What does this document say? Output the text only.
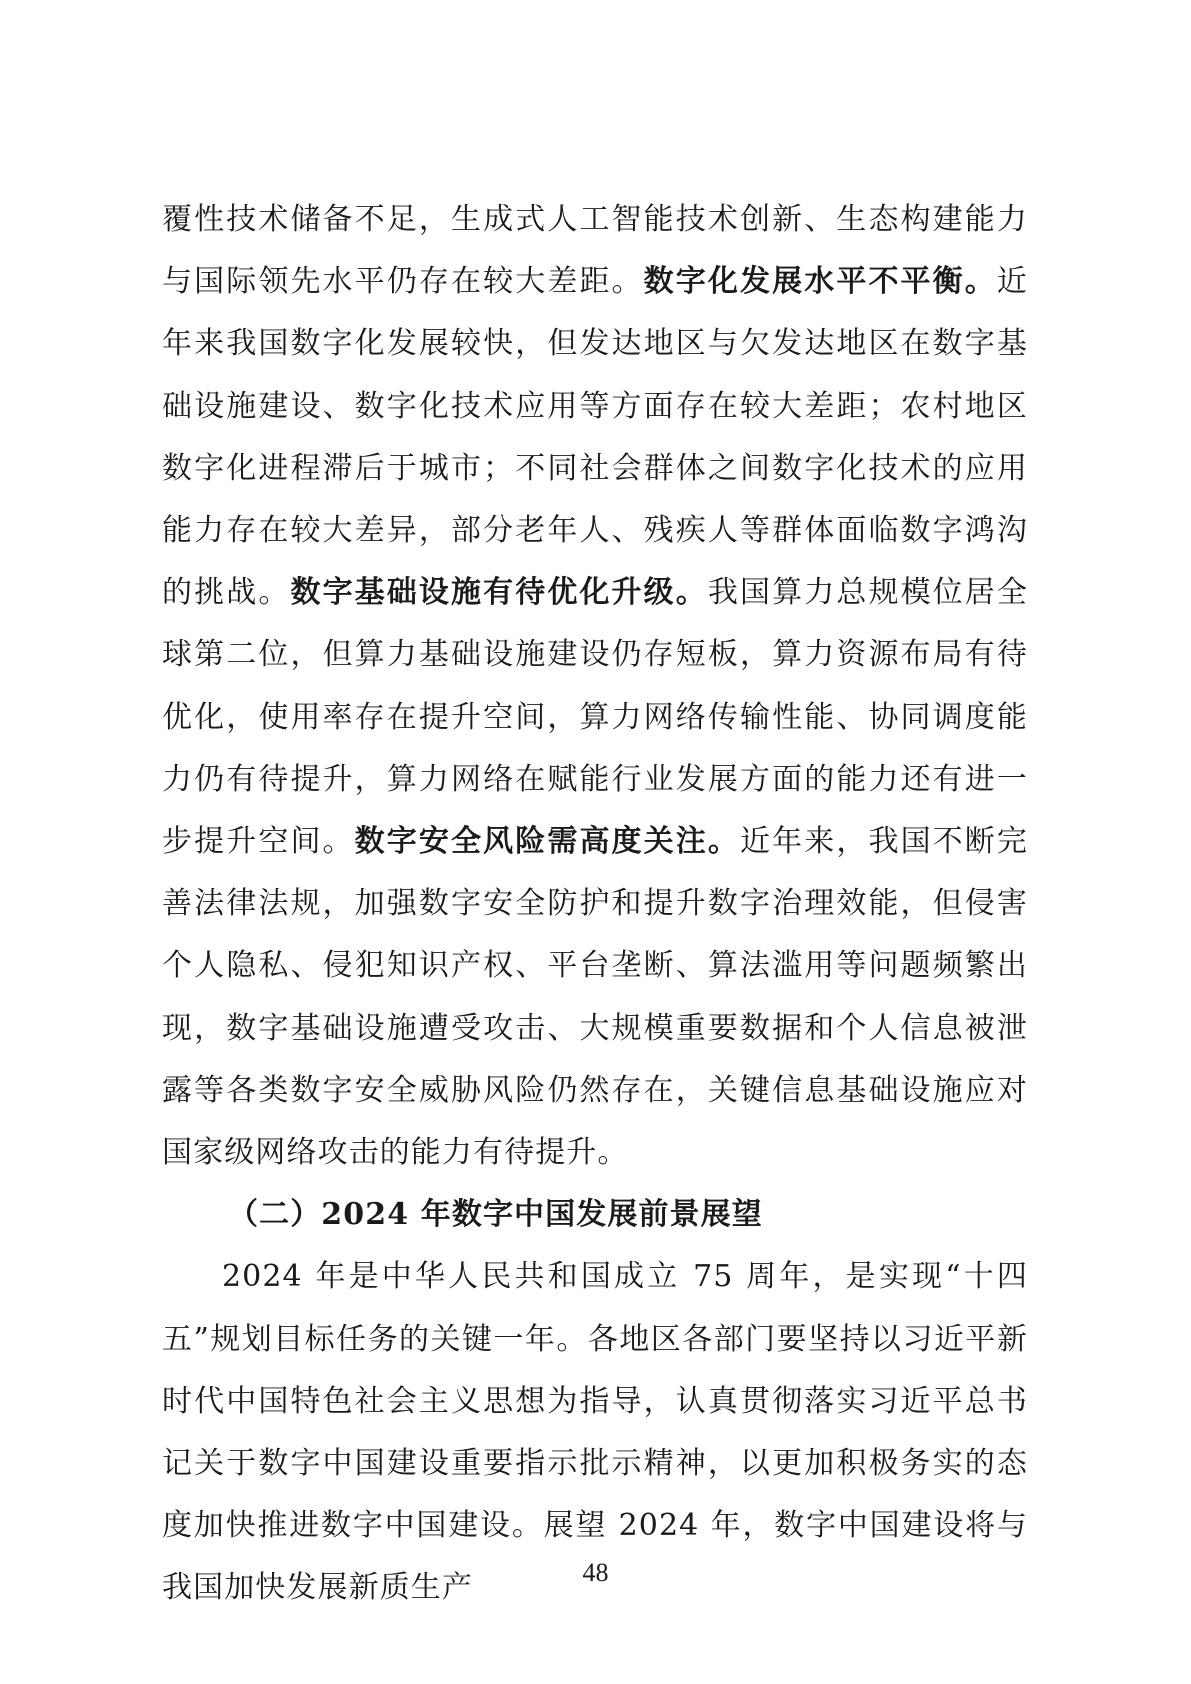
覆性技术储备不足，生成式人工智能技术创新、生态构建能力与国际领先水平仍存在较大差距。数字化发展水平不平衡。近年来我国数字化发展较快，但发达地区与欠发达地区在数字基础设施建设、数字化技术应用等方面存在较大差距；农村地区数字化进程滞后于城市；不同社会群体之间数字化技术的应用能力存在较大差异，部分老年人、残疾人等群体面临数字鸿沟的挑战。数字基础设施有待优化升级。我国算力总规模位居全球第二位，但算力基础设施建设仍存短板，算力资源布局有待优化，使用率存在提升空间，算力网络传输性能、协同调度能力仍有待提升，算力网络在赋能行业发展方面的能力还有进一步提升空间。数字安全风险需高度关注。近年来，我国不断完善法律法规，加强数字安全防护和提升数字治理效能，但侵害个人隐私、侵犯知识产权、平台垄断、算法滥用等问题频繁出现，数字基础设施遭受攻击、大规模重要数据和个人信息被泄露等各类数字安全威胁风险仍然存在，关键信息基础设施应对国家级网络攻击的能力有待提升。

（二）2024 年数字中国发展前景展望

2024 年是中华人民共和国成立 75 周年，是实现“十四五”规划目标任务的关键一年。各地区各部门要坚持以习近平新时代中国特色社会主义思想为指导，认真贯彻落实习近平总书记关于数字中国建设重要指示批示精神，以更加积极务实的态度加快推进数字中国建设。展望 2024 年，数字中国建设将与我国加快发展新质生产	48
